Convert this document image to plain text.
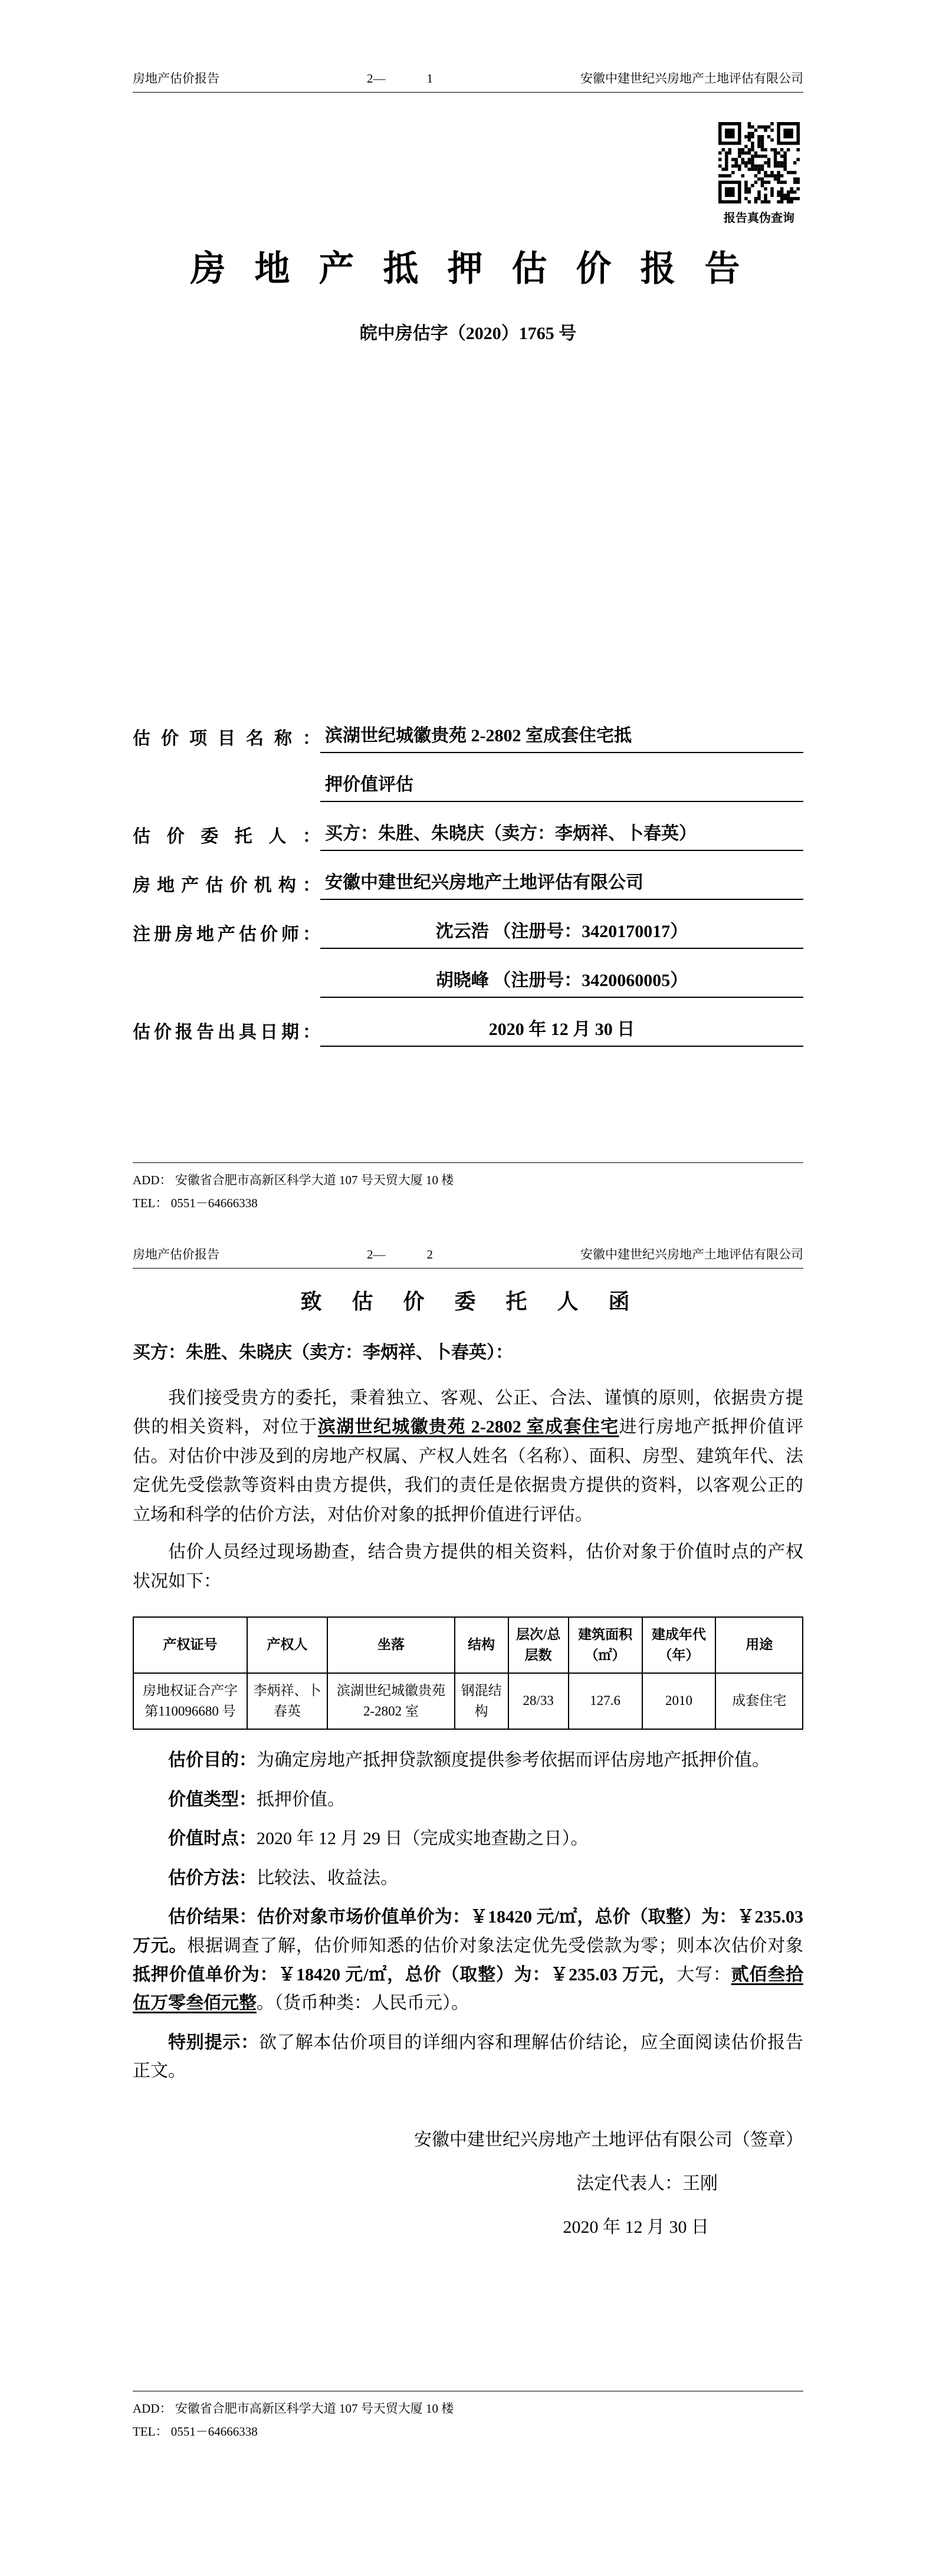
房地产估价报告	2—	1	安徽中建世纪兴房地产土地评估有限公司
报告真伪查询
房 地 产 抵 押 估 价 报 告
皖中房估字（2020）1765 号
估价项目名称： 滨湖世纪城徽贵苑 2-2802 室成套住宅抵
押价值评估
估价委托人： 买方：朱胜、朱晓庆（卖方：李炳祥、卜春英）
房地产估价机构： 安徽中建世纪兴房地产土地评估有限公司
注册房地产估价师：	沈云浩 （注册号：3420170017）
胡晓峰 （注册号：3420060005）
估价报告出具日期：	2020 年 12 月 30 日
ADD： 安徽省合肥市高新区科学大道 107 号天贸大厦 10 楼
TEL： 0551－64666338
房地产估价报告	2—	2	安徽中建世纪兴房地产土地评估有限公司
致 估 价 委 托 人 函

买方：朱胜、朱晓庆（卖方：李炳祥、卜春英）：

我们接受贵方的委托，秉着独立、客观、公正、合法、谨慎的原则，依据贵方提供的相关资料，对位于滨湖世纪城徽贵苑 2-2802 室成套住宅进行房地产抵押价值评估。对估价中涉及到的房地产权属、产权人姓名（名称）、面积、房型、建筑年代、法定优先受偿款等资料由贵方提供，我们的责任是依据贵方提供的资料，以客观公正的立场和科学的估价方法，对估价对象的抵押价值进行评估。

估价人员经过现场勘查，结合贵方提供的相关资料，估价对象于价值时点的产权状况如下：

产权证号	产权人	坐落	结构	层次/总层数	建筑面积（㎡）	建成年代（年）	用途
房地权证合产字第110096680 号	李炳祥、卜春英	滨湖世纪城徽贵苑2-2802 室	钢混结构	28/33	127.6	2010	成套住宅

估价目的：为确定房地产抵押贷款额度提供参考依据而评估房地产抵押价值。

价值类型：抵押价值。

价值时点：2020 年 12 月 29 日（完成实地查勘之日）。

估价方法：比较法、收益法。

估价结果：估价对象市场价值单价为：￥18420 元/㎡，总价（取整）为：￥235.03 万元。根据调查了解，估价师知悉的估价对象法定优先受偿款为零；则本次估价对象抵押价值单价为：￥18420 元/㎡，总价（取整）为：￥235.03 万元，大写：贰佰叁拾伍万零叁佰元整。（货币种类：人民币元）。

特别提示：欲了解本估价项目的详细内容和理解估价结论，应全面阅读估价报告正文。

安徽中建世纪兴房地产土地评估有限公司（签章）
法定代表人：王刚
2020 年 12 月 30 日
ADD： 安徽省合肥市高新区科学大道 107 号天贸大厦 10 楼
TEL： 0551－64666338
